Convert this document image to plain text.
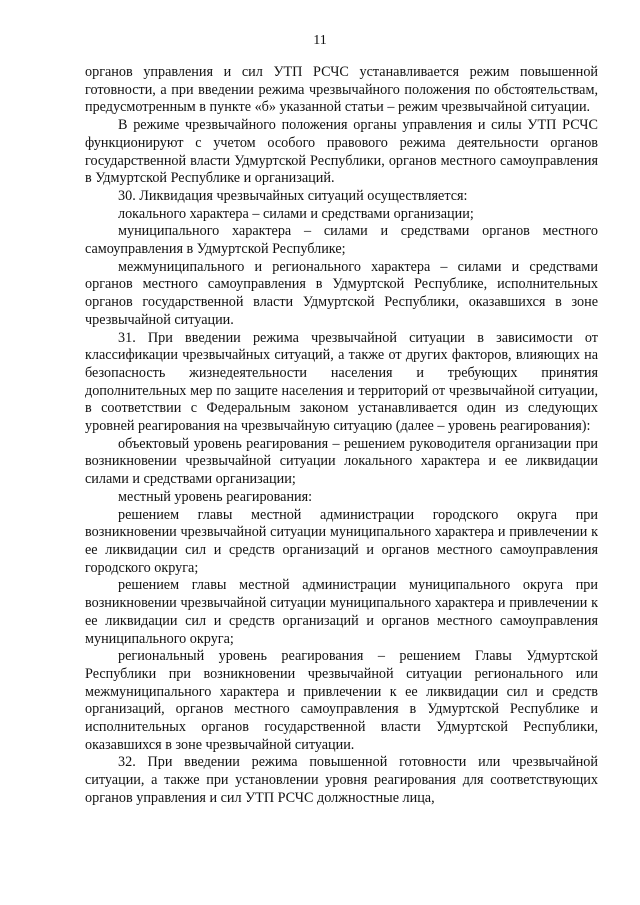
11

органов управления и сил УТП РСЧС устанавливается режим повышенной готовности, а при введении режима чрезвычайного положения по обстоятельствам, предусмотренным в пункте «б» указанной статьи – режим чрезвычайной ситуации.

В режиме чрезвычайного положения органы управления и силы УТП РСЧС функционируют с учетом особого правового режима деятельности органов государственной власти Удмуртской Республики, органов местного самоуправления в Удмуртской Республике и организаций.

30. Ликвидация чрезвычайных ситуаций осуществляется:

локального характера – силами и средствами организации;

муниципального характера – силами и средствами органов местного самоуправления в Удмуртской Республике;

межмуниципального и регионального характера – силами и средствами органов местного самоуправления в Удмуртской Республике, исполнительных органов государственной власти Удмуртской Республики, оказавшихся в зоне чрезвычайной ситуации.

31. При введении режима чрезвычайной ситуации в зависимости от классификации чрезвычайных ситуаций, а также от других факторов, влияющих на безопасность жизнедеятельности населения и требующих принятия дополнительных мер по защите населения и территорий от чрезвычайной ситуации, в соответствии с Федеральным законом устанавливается один из следующих уровней реагирования на чрезвычайную ситуацию (далее – уровень реагирования):

объектовый уровень реагирования – решением руководителя организации при возникновении чрезвычайной ситуации локального характера и ее ликвидации силами и средствами организации;

местный уровень реагирования:

решением главы местной администрации городского округа при возникновении чрезвычайной ситуации муниципального характера и привлечении к ее ликвидации сил и средств организаций и органов местного самоуправления городского округа;

решением главы местной администрации муниципального округа при возникновении чрезвычайной ситуации муниципального характера и привлечении к ее ликвидации сил и средств организаций и органов местного самоуправления муниципального округа;

региональный уровень реагирования – решением Главы Удмуртской Республики при возникновении чрезвычайной ситуации регионального или межмуниципального характера и привлечении к ее ликвидации сил и средств организаций, органов местного самоуправления в Удмуртской Республике и исполнительных органов государственной власти Удмуртской Республики, оказавшихся в зоне чрезвычайной ситуации.

32. При введении режима повышенной готовности или чрезвычайной ситуации, а также при установлении уровня реагирования для соответствующих органов управления и сил УТП РСЧС должностные лица,
